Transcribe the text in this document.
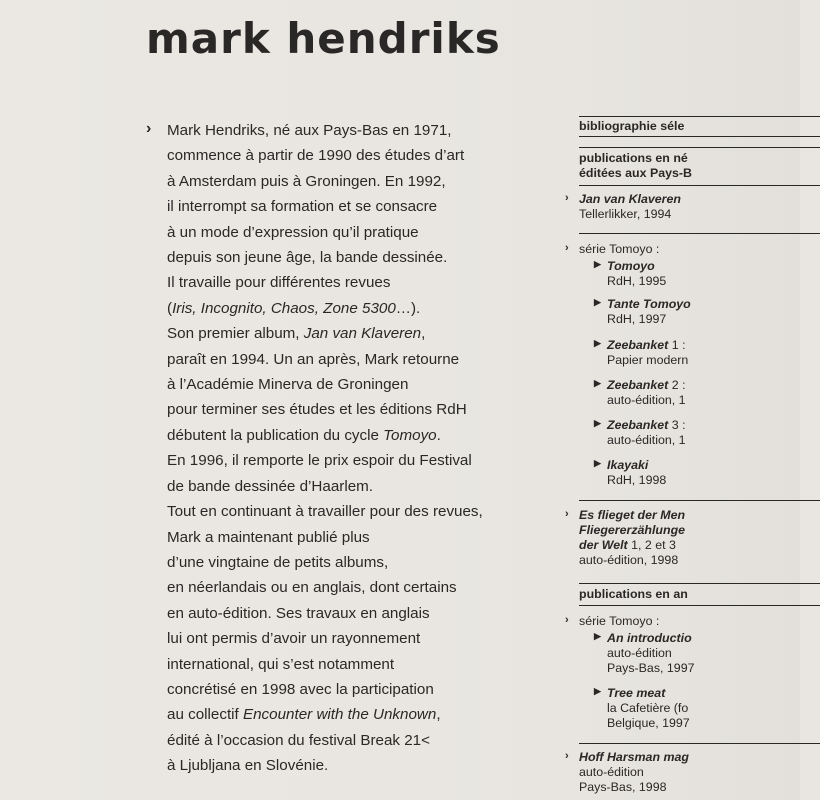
mark hendriks
› Mark Hendriks, né aux Pays-Bas en 1971,
commence à partir de 1990 des études d’art
à Amsterdam puis à Groningen. En 1992,
il interrompt sa formation et se consacre
à un mode d’expression qu’il pratique
depuis son jeune âge, la bande dessinée.
Il travaille pour différentes revues
(Iris, Incognito, Chaos, Zone 5300…).
Son premier album, Jan van Klaveren,
paraît en 1994. Un an après, Mark retourne
à l’Académie Minerva de Groningen
pour terminer ses études et les éditions RdH
débutent la publication du cycle Tomoyo.
En 1996, il remporte le prix espoir du Festival
de bande dessinée d’Haarlem.
Tout en continuant à travailler pour des revues,
Mark a maintenant publié plus
d’une vingtaine de petits albums,
en néerlandais ou en anglais, dont certains
en auto-édition. Ses travaux en anglais
lui ont permis d’avoir un rayonnement
international, qui s’est notamment
concrétisé en 1998 avec la participation
au collectif Encounter with the Unknown,
édité à l’occasion du festival Break 21<
à Ljubljana en Slovénie.
bibliographie séle
publications en né
éditées aux Pays-B
› Jan van Klaveren
Tellerlikker, 1994
› série Tomoyo :
▶ Tomoyo
RdH, 1995
▶ Tante Tomoyo
RdH, 1997
▶ Zeebanket 1 :
Papier modern
▶ Zeebanket 2 :
auto-édition, 1
▶ Zeebanket 3 :
auto-édition, 1
▶ Ikayaki
RdH, 1998
› Es flieget der Men
Fliegererzählunge
der Welt 1, 2 et 3
auto-édition, 1998
publications en an
› série Tomoyo :
▶ An introductio
auto-édition
Pays-Bas, 1997
▶ Tree meat
la Cafetière (fo
Belgique, 1997
› Hoff Harsman mag
auto-édition
Pays-Bas, 1998
